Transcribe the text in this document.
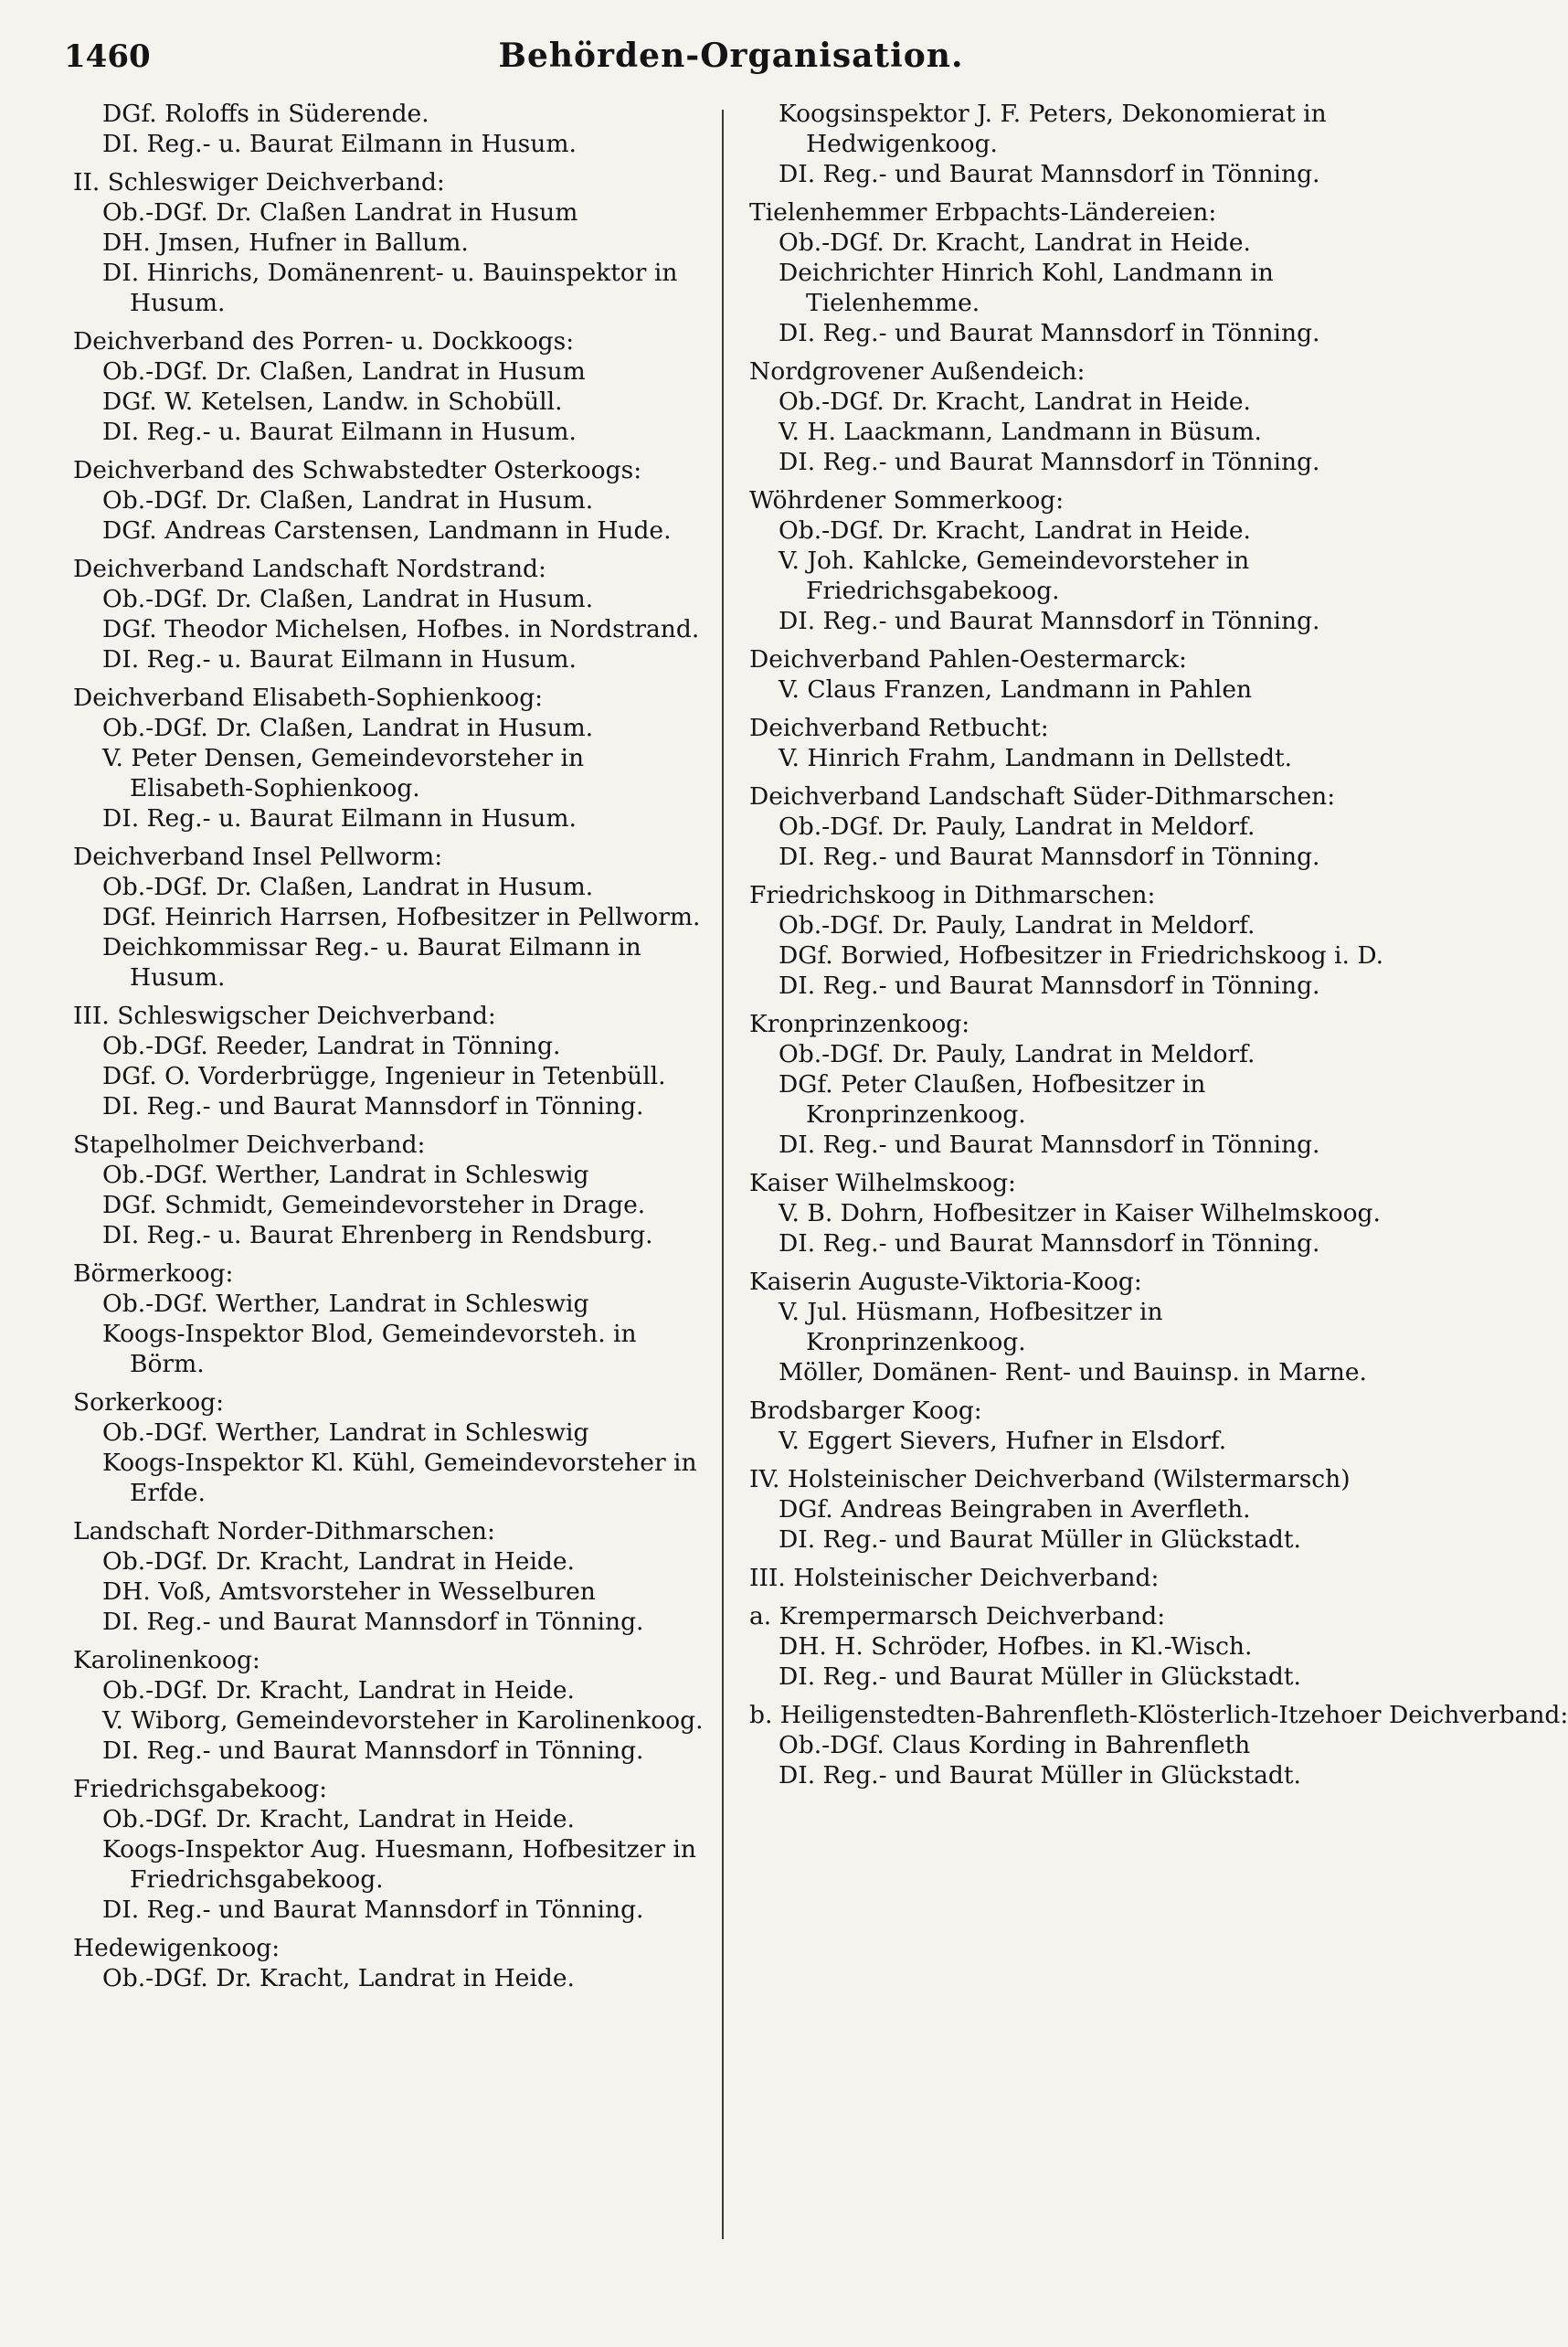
1460	Behörden-Organisation.
DGf. Roloffs in Süderende.
DI. Reg.- u. Baurat Eilmann in Husum.
II. Schleswiger Deichverband:
Ob.-DGf. Dr. Claßen Landrat in Husum
DH. Jmsen, Hufner in Ballum.
DI. Hinrichs, Domänenrent- u. Bauinspektor in Husum.
Deichverband des Porren- u. Dockkoogs:
Ob.-DGf. Dr. Claßen, Landrat in Husum
DGf. W. Ketelsen, Landw. in Schobüll.
DI. Reg.- u. Baurat Eilmann in Husum.
Deichverband des Schwabstedter Osterkoogs:
Ob.-DGf. Dr. Claßen, Landrat in Husum.
DGf. Andreas Carstensen, Landmann in Hude.
Deichverband Landschaft Nordstrand:
Ob.-DGf. Dr. Claßen, Landrat in Husum.
DGf. Theodor Michelsen, Hofbes. in Nordstrand.
DI. Reg.- u. Baurat Eilmann in Husum.
Deichverband Elisabeth-Sophienkoog:
Ob.-DGf. Dr. Claßen, Landrat in Husum.
V. Peter Densen, Gemeindevorsteher in Elisabeth-Sophienkoog.
DI. Reg.- u. Baurat Eilmann in Husum.
Deichverband Insel Pellworm:
Ob.-DGf. Dr. Claßen, Landrat in Husum.
DGf. Heinrich Harrsen, Hofbesitzer in Pellworm.
Deichkommissar Reg.- u. Baurat Eilmann in Husum.
III. Schleswigscher Deichverband:
Ob.-DGf. Reeder, Landrat in Tönning.
DGf. O. Vorderbrügge, Ingenieur in Tetenbüll.
DI. Reg.- und Baurat Mannsdorf in Tönning.
Stapelholmer Deichverband:
Ob.-DGf. Werther, Landrat in Schleswig
DGf. Schmidt, Gemeindevorsteher in Drage.
DI. Reg.- u. Baurat Ehrenberg in Rendsburg.
Börmerkoog:
Ob.-DGf. Werther, Landrat in Schleswig
Koogs-Inspektor Blod, Gemeindevorsteh. in Börm.
Sorkerkoog:
Ob.-DGf. Werther, Landrat in Schleswig
Koogs-Inspektor Kl. Kühl, Gemeindevorsteher in Erfde.
Landschaft Norder-Dithmarschen:
Ob.-DGf. Dr. Kracht, Landrat in Heide.
DH. Voß, Amtsvorsteher in Wesselburen
DI. Reg.- und Baurat Mannsdorf in Tönning.
Karolinenkoog:
Ob.-DGf. Dr. Kracht, Landrat in Heide.
V. Wiborg, Gemeindevorsteher in Karolinenkoog.
DI. Reg.- und Baurat Mannsdorf in Tönning.
Friedrichsgabekoog:
Ob.-DGf. Dr. Kracht, Landrat in Heide.
Koogs-Inspektor Aug. Huesmann, Hofbesitzer in Friedrichsgabekoog.
DI. Reg.- und Baurat Mannsdorf in Tönning.
Hedewigenkoog:
Ob.-DGf. Dr. Kracht, Landrat in Heide.
Koogsinspektor J. F. Peters, Dekonomierat in Hedwigenkoog.
DI. Reg.- und Baurat Mannsdorf in Tönning.
Tielenhemmer Erbpachts-Ländereien:
Ob.-DGf. Dr. Kracht, Landrat in Heide.
Deichrichter Hinrich Kohl, Landmann in Tielenhemme.
DI. Reg.- und Baurat Mannsdorf in Tönning.
Nordgrovener Außendeich:
Ob.-DGf. Dr. Kracht, Landrat in Heide.
V. H. Laackmann, Landmann in Büsum.
DI. Reg.- und Baurat Mannsdorf in Tönning.
Wöhrdener Sommerkoog:
Ob.-DGf. Dr. Kracht, Landrat in Heide.
V. Joh. Kahlcke, Gemeindevorsteher in Friedrichsgabekoog.
DI. Reg.- und Baurat Mannsdorf in Tönning.
Deichverband Pahlen-Oestermarck:
V. Claus Franzen, Landmann in Pahlen
Deichverband Retbucht:
V. Hinrich Frahm, Landmann in Dellstedt.
Deichverband Landschaft Süder-Dithmarschen:
Ob.-DGf. Dr. Pauly, Landrat in Meldorf.
DI. Reg.- und Baurat Mannsdorf in Tönning.
Friedrichskoog in Dithmarschen:
Ob.-DGf. Dr. Pauly, Landrat in Meldorf.
DGf. Borwied, Hofbesitzer in Friedrichskoog i. D.
DI. Reg.- und Baurat Mannsdorf in Tönning.
Kronprinzenkoog:
Ob.-DGf. Dr. Pauly, Landrat in Meldorf.
DGf. Peter Claußen, Hofbesitzer in Kronprinzenkoog.
DI. Reg.- und Baurat Mannsdorf in Tönning.
Kaiser Wilhelmskoog:
V. B. Dohrn, Hofbesitzer in Kaiser Wilhelmskoog.
DI. Reg.- und Baurat Mannsdorf in Tönning.
Kaiserin Auguste-Viktoria-Koog:
V. Jul. Hüsmann, Hofbesitzer in Kronprinzenkoog.
Möller, Domänen- Rent- und Bauinsp. in Marne.
Brodsbarger Koog:
V. Eggert Sievers, Hufner in Elsdorf.
IV. Holsteinischer Deichverband (Wilstermarsch)
DGf. Andreas Beingraben in Averfleth.
DI. Reg.- und Baurat Müller in Glückstadt.
III. Holsteinischer Deichverband:
a. Krempermarsch Deichverband:
DH. H. Schröder, Hofbes. in Kl.-Wisch.
DI. Reg.- und Baurat Müller in Glückstadt.
b. Heiligenstedten-Bahrenfleth-Klösterlich-Itzehoer Deichverband:
Ob.-DGf. Claus Kording in Bahrenfleth
DI. Reg.- und Baurat Müller in Glückstadt.
